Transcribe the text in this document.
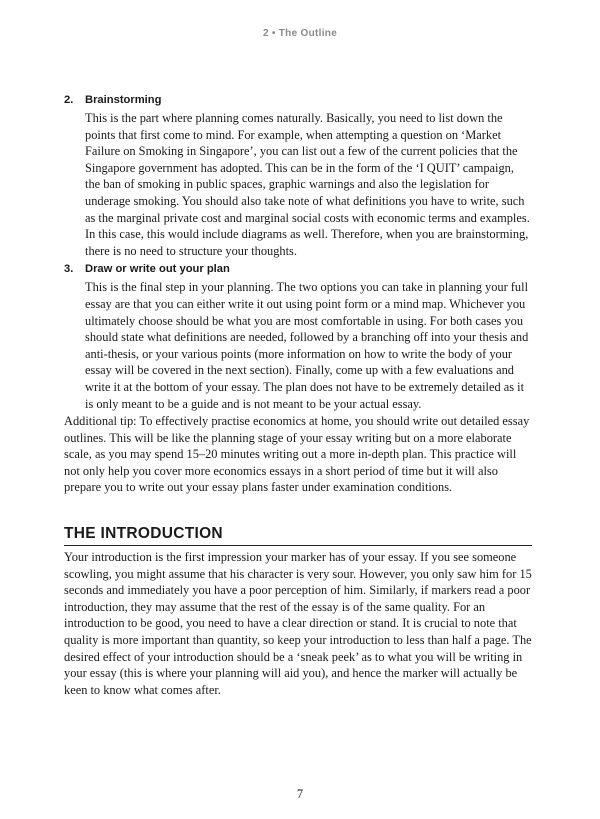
2 • The Outline
2. Brainstorming

This is the part where planning comes naturally. Basically, you need to list down the points that first come to mind. For example, when attempting a question on ‘Market Failure on Smoking in Singapore’, you can list out a few of the current policies that the Singapore government has adopted. This can be in the form of the ‘I QUIT’ campaign, the ban of smoking in public spaces, graphic warnings and also the legislation for underage smoking. You should also take note of what definitions you have to write, such as the marginal private cost and marginal social costs with economic terms and examples. In this case, this would include diagrams as well. Therefore, when you are brainstorming, there is no need to structure your thoughts.

3. Draw or write out your plan

This is the final step in your planning. The two options you can take in planning your full essay are that you can either write it out using point form or a mind map. Whichever you ultimately choose should be what you are most comfortable in using. For both cases you should state what definitions are needed, followed by a branching off into your thesis and anti-thesis, or your various points (more information on how to write the body of your essay will be covered in the next section). Finally, come up with a few evaluations and write it at the bottom of your essay. The plan does not have to be extremely detailed as it is only meant to be a guide and is not meant to be your actual essay.

Additional tip: To effectively practise economics at home, you should write out detailed essay outlines. This will be like the planning stage of your essay writing but on a more elaborate scale, as you may spend 15–20 minutes writing out a more in-depth plan. This practice will not only help you cover more economics essays in a short period of time but it will also prepare you to write out your essay plans faster under examination conditions.

THE INTRODUCTION

Your introduction is the first impression your marker has of your essay. If you see someone scowling, you might assume that his character is very sour. However, you only saw him for 15 seconds and immediately you have a poor perception of him. Similarly, if markers read a poor introduction, they may assume that the rest of the essay is of the same quality. For an introduction to be good, you need to have a clear direction or stand. It is crucial to note that quality is more important than quantity, so keep your introduction to less than half a page. The desired effect of your introduction should be a ‘sneak peek’ as to what you will be writing in your essay (this is where your planning will aid you), and hence the marker will actually be keen to know what comes after.

7
